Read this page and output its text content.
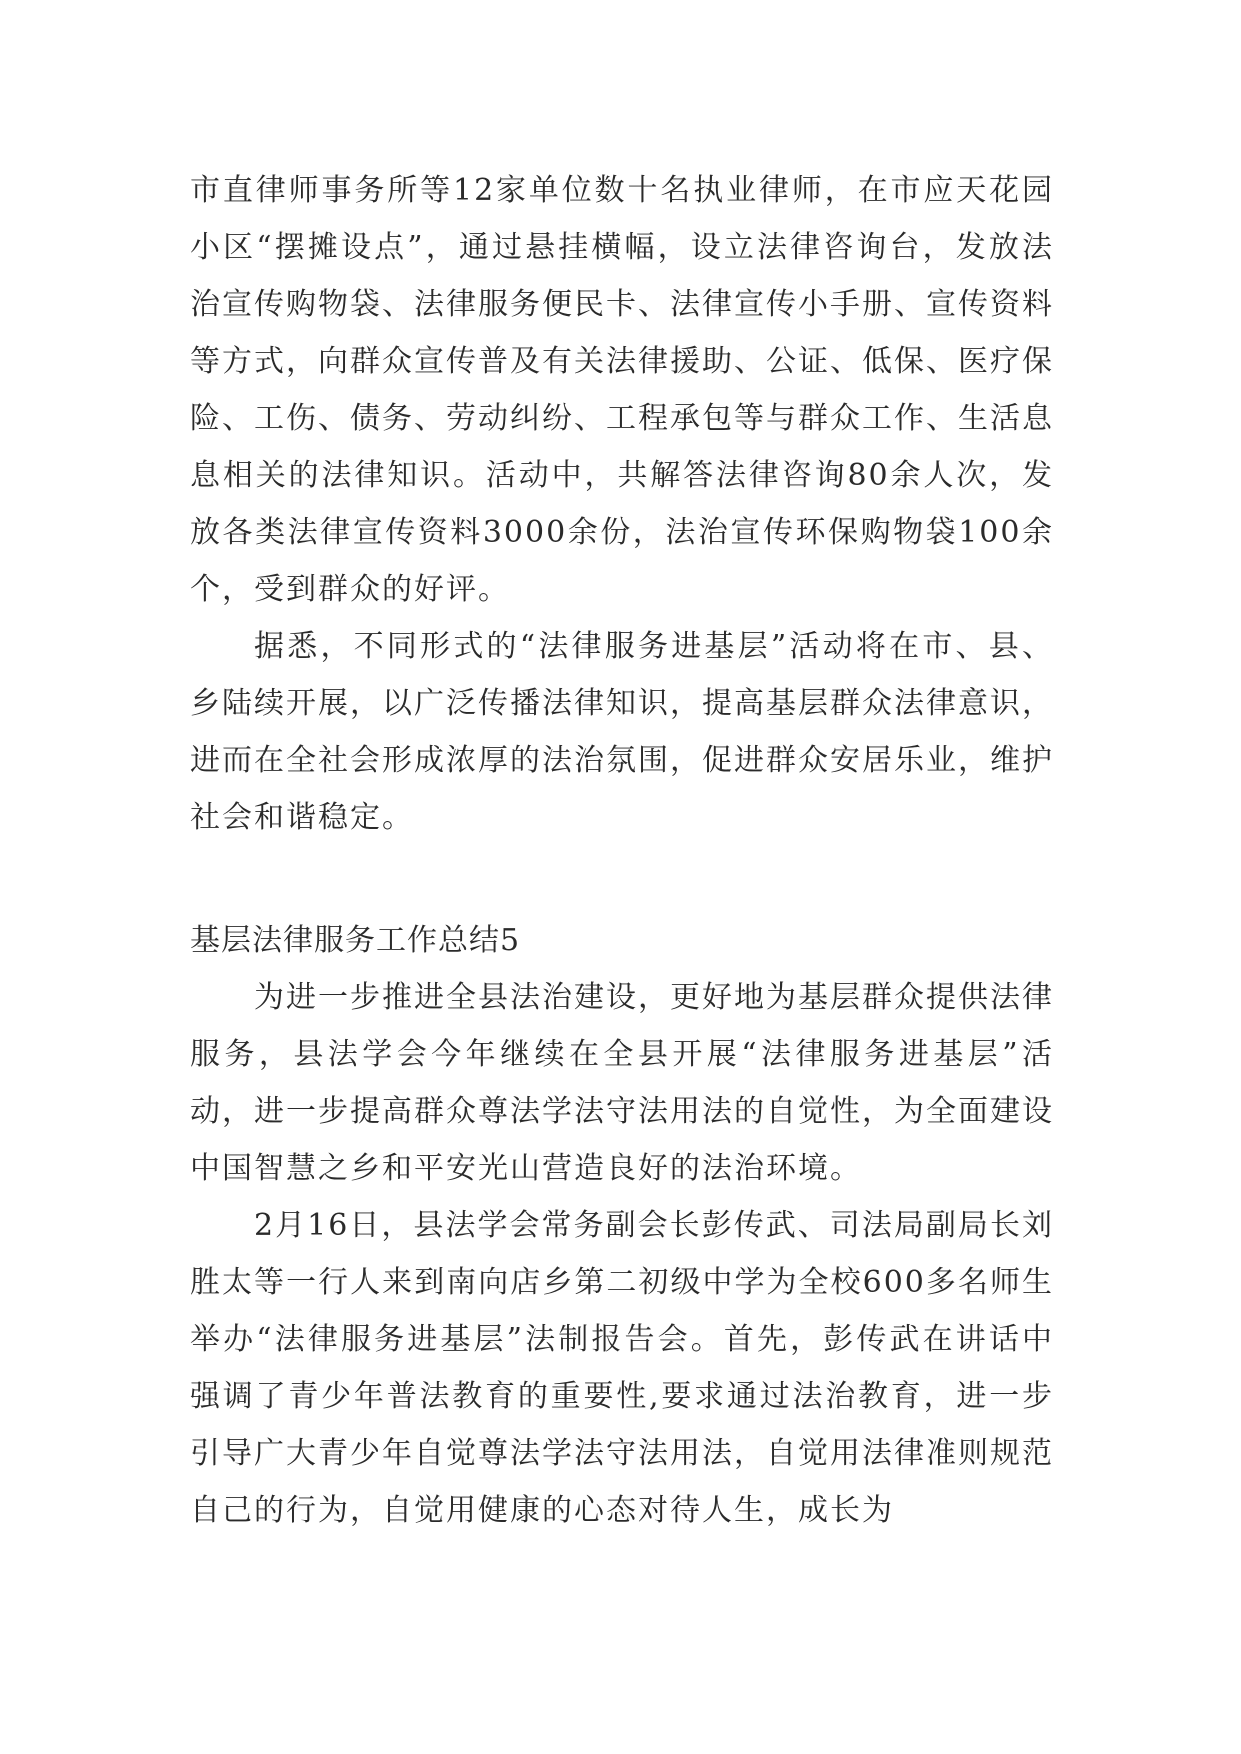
市直律师事务所等12家单位数十名执业律师，在市应天花园小区“摆摊设点”，通过悬挂横幅，设立法律咨询台，发放法治宣传购物袋、法律服务便民卡、法律宣传小手册、宣传资料等方式，向群众宣传普及有关法律援助、公证、低保、医疗保险、工伤、债务、劳动纠纷、工程承包等与群众工作、生活息息相关的法律知识。活动中，共解答法律咨询80余人次，发放各类法律宣传资料3000余份，法治宣传环保购物袋100余个，受到群众的好评。

据悉，不同形式的“法律服务进基层”活动将在市、县、乡陆续开展，以广泛传播法律知识，提高基层群众法律意识，进而在全社会形成浓厚的法治氛围，促进群众安居乐业，维护社会和谐稳定。

基层法律服务工作总结5

为进一步推进全县法治建设，更好地为基层群众提供法律服务，县法学会今年继续在全县开展“法律服务进基层”活动，进一步提高群众尊法学法守法用法的自觉性，为全面建设中国智慧之乡和平安光山营造良好的法治环境。

2月16日，县法学会常务副会长彭传武、司法局副局长刘胜太等一行人来到南向店乡第二初级中学为全校600多名师生举办“法律服务进基层”法制报告会。首先，彭传武在讲话中强调了青少年普法教育的重要性,要求通过法治教育，进一步引导广大青少年自觉尊法学法守法用法，自觉用法律准则规范自己的行为，自觉用健康的心态对待人生，成长为
